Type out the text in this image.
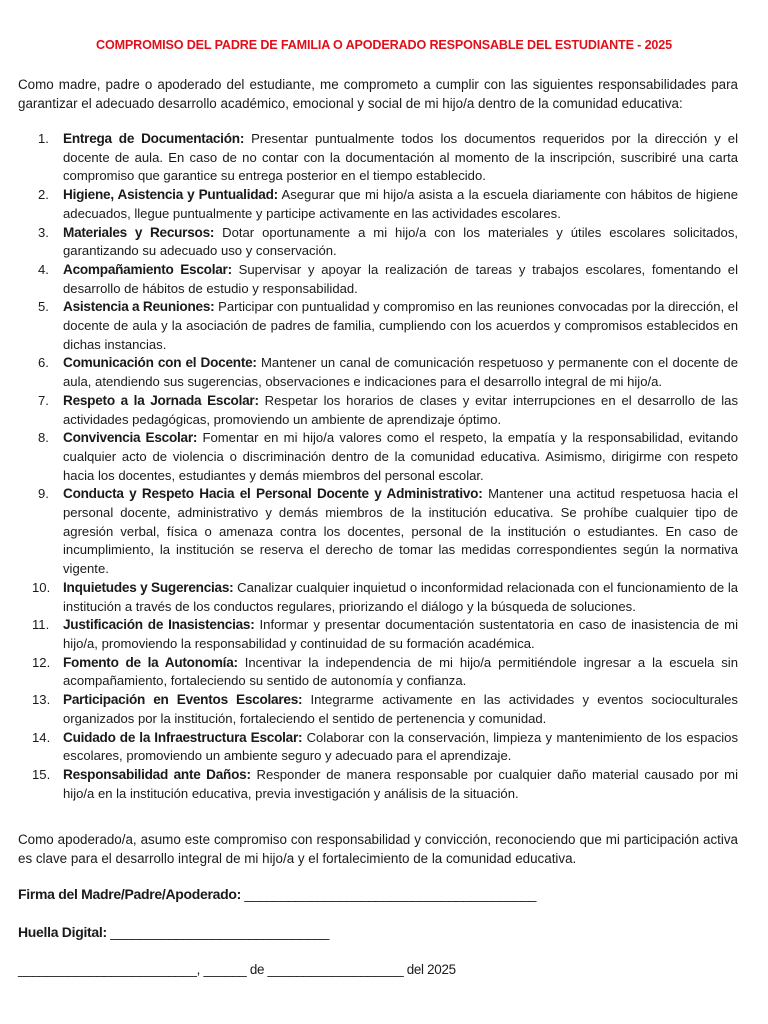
COMPROMISO DEL PADRE DE FAMILIA O APODERADO RESPONSABLE DEL ESTUDIANTE - 2025
Como madre, padre o apoderado del estudiante, me comprometo a cumplir con las siguientes responsabilidades para garantizar el adecuado desarrollo académico, emocional y social de mi hijo/a dentro de la comunidad educativa:
1. Entrega de Documentación: Presentar puntualmente todos los documentos requeridos por la dirección y el docente de aula. En caso de no contar con la documentación al momento de la inscripción, suscribiré una carta compromiso que garantice su entrega posterior en el tiempo establecido.
2. Higiene, Asistencia y Puntualidad: Asegurar que mi hijo/a asista a la escuela diariamente con hábitos de higiene adecuados, llegue puntualmente y participe activamente en las actividades escolares.
3. Materiales y Recursos: Dotar oportunamente a mi hijo/a con los materiales y útiles escolares solicitados, garantizando su adecuado uso y conservación.
4. Acompañamiento Escolar: Supervisar y apoyar la realización de tareas y trabajos escolares, fomentando el desarrollo de hábitos de estudio y responsabilidad.
5. Asistencia a Reuniones: Participar con puntualidad y compromiso en las reuniones convocadas por la dirección, el docente de aula y la asociación de padres de familia, cumpliendo con los acuerdos y compromisos establecidos en dichas instancias.
6. Comunicación con el Docente: Mantener un canal de comunicación respetuoso y permanente con el docente de aula, atendiendo sus sugerencias, observaciones e indicaciones para el desarrollo integral de mi hijo/a.
7. Respeto a la Jornada Escolar: Respetar los horarios de clases y evitar interrupciones en el desarrollo de las actividades pedagógicas, promoviendo un ambiente de aprendizaje óptimo.
8. Convivencia Escolar: Fomentar en mi hijo/a valores como el respeto, la empatía y la responsabilidad, evitando cualquier acto de violencia o discriminación dentro de la comunidad educativa. Asimismo, dirigirme con respeto hacia los docentes, estudiantes y demás miembros del personal escolar.
9. Conducta y Respeto Hacia el Personal Docente y Administrativo: Mantener una actitud respetuosa hacia el personal docente, administrativo y demás miembros de la institución educativa. Se prohíbe cualquier tipo de agresión verbal, física o amenaza contra los docentes, personal de la institución o estudiantes. En caso de incumplimiento, la institución se reserva el derecho de tomar las medidas correspondientes según la normativa vigente.
10. Inquietudes y Sugerencias: Canalizar cualquier inquietud o inconformidad relacionada con el funcionamiento de la institución a través de los conductos regulares, priorizando el diálogo y la búsqueda de soluciones.
11. Justificación de Inasistencias: Informar y presentar documentación sustentatoria en caso de inasistencia de mi hijo/a, promoviendo la responsabilidad y continuidad de su formación académica.
12. Fomento de la Autonomía: Incentivar la independencia de mi hijo/a permitiéndole ingresar a la escuela sin acompañamiento, fortaleciendo su sentido de autonomía y confianza.
13. Participación en Eventos Escolares: Integrarme activamente en las actividades y eventos socioculturales organizados por la institución, fortaleciendo el sentido de pertenencia y comunidad.
14. Cuidado de la Infraestructura Escolar: Colaborar con la conservación, limpieza y mantenimiento de los espacios escolares, promoviendo un ambiente seguro y adecuado para el aprendizaje.
15. Responsabilidad ante Daños: Responder de manera responsable por cualquier daño material causado por mi hijo/a en la institución educativa, previa investigación y análisis de la situación.
Como apoderado/a, asumo este compromiso con responsabilidad y convicción, reconociendo que mi participación activa es clave para el desarrollo integral de mi hijo/a y el fortalecimiento de la comunidad educativa.
Firma del Madre/Padre/Apoderado: ________________________________________
Huella Digital: ______________________________
_________________________, ______ de ___________________ del 2025
